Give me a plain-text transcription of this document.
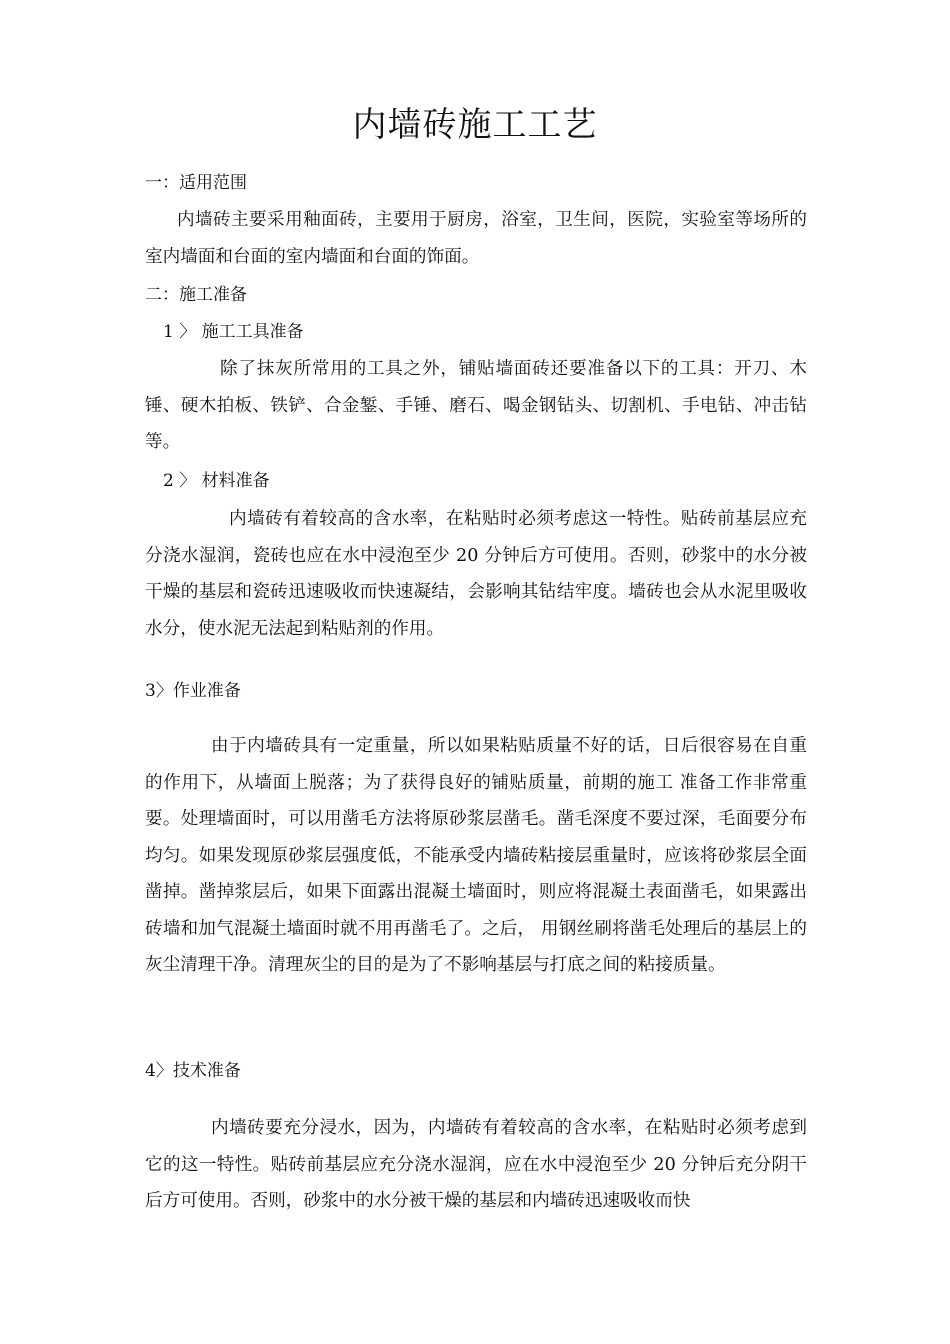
内墙砖施工工艺
一：适用范围
内墙砖主要采用釉面砖，主要用于厨房，浴室，卫生间，医院，实验室等场所的室内墙面和台面的室内墙面和台面的饰面。
二：施工准备
1 〉 施工工具准备
除了抹灰所常用的工具之外，铺贴墙面砖还要准备以下的工具：开刀、木锤、硬木拍板、铁铲、合金錾、手锤、磨石、喝金钢钻头、切割机、手电钻、冲击钻等。
2 〉 材料准备
内墙砖有着较高的含水率，在粘贴时必须考虑这一特性。贴砖前基层应充分浇水湿润，瓷砖也应在水中浸泡至少 20 分钟后方可使用。否则，砂浆中的水分被干燥的基层和瓷砖迅速吸收而快速凝结，会影响其钻结牢度。墙砖也会从水泥里吸收水分，使水泥无法起到粘贴剂的作用。
3〉作业准备
由于内墙砖具有一定重量，所以如果粘贴质量不好的话，日后很容易在自重的作用下，从墙面上脱落；为了获得良好的铺贴质量，前期的施工 准备工作非常重要。处理墙面时，可以用凿毛方法将原砂浆层凿毛。凿毛深度不要过深，毛面要分布均匀。如果发现原砂浆层强度低，不能承受内墙砖粘接层重量时，应该将砂浆层全面凿掉。凿掉浆层后，如果下面露出混凝土墙面时，则应将混凝土表面凿毛，如果露出砖墙和加气混凝土墙面时就不用再凿毛了。之后， 用钢丝刷将凿毛处理后的基层上的灰尘清理干净。清理灰尘的目的是为了不影响基层与打底之间的粘接质量。
4〉技术准备
内墙砖要充分浸水，因为，内墙砖有着较高的含水率，在粘贴时必须考虑到它的这一特性。贴砖前基层应充分浇水湿润，应在水中浸泡至少 20 分钟后充分阴干后方可使用。否则，砂浆中的水分被干燥的基层和内墙砖迅速吸收而快
